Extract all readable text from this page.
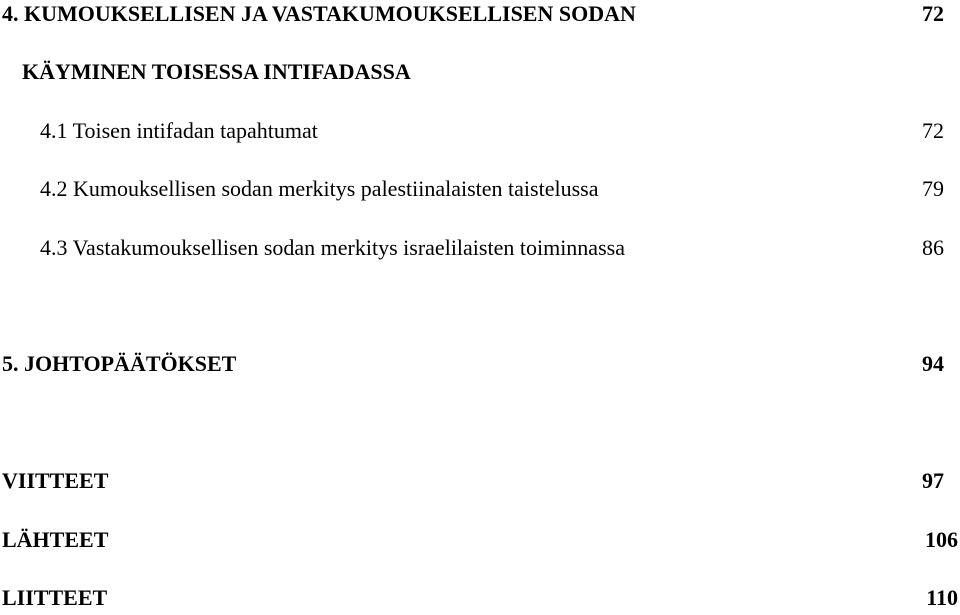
4. KUMOUKSELLISEN JA VASTAKUMOUKSELLISEN SODAN	72
KÄYMINEN TOISESSA INTIFADASSA
4.1 Toisen intifadan tapahtumat	72
4.2 Kumouksellisen sodan merkitys palestiinalaisten taistelussa	79
4.3 Vastakumouksellisen sodan merkitys israelilaisten toiminnassa	86
5. JOHTOPÄÄTÖKSET	94
VIITTEET	97
LÄHTEET	106
LIITTEET	110
